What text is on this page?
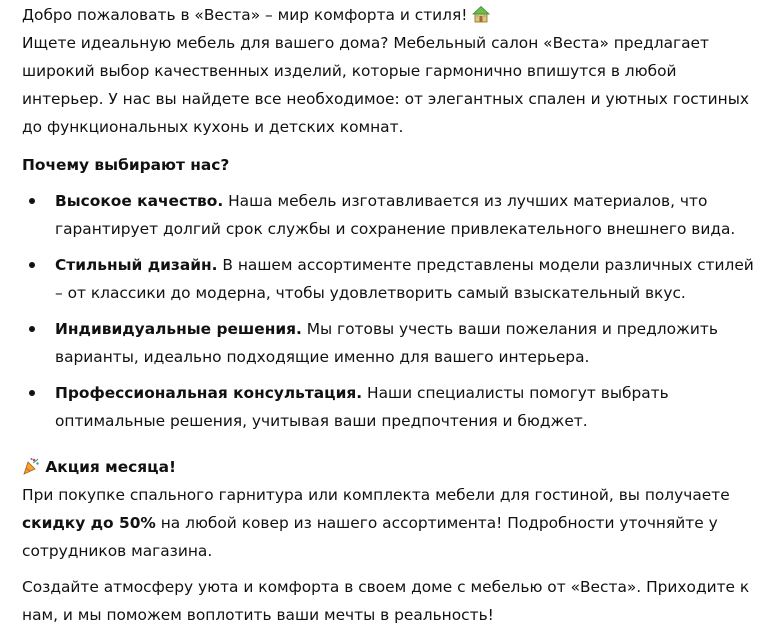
Добро пожаловать в «Веста» – мир комфорта и стиля!

Ищете идеальную мебель для вашего дома? Мебельный салон «Веста» предлагает широкий выбор качественных изделий, которые гармонично впишутся в любой интерьер. У нас вы найдете все необходимое: от элегантных спален и уютных гостиных до функциональных кухонь и детских комнат.

Почему выбирают нас?

Высокое качество. Наша мебель изготавливается из лучших материалов, что гарантирует долгий срок службы и сохранение привлекательного внешнего вида.
Стильный дизайн. В нашем ассортименте представлены модели различных стилей – от классики до модерна, чтобы удовлетворить самый взыскательный вкус.
Индивидуальные решения. Мы готовы учесть ваши пожелания и предложить варианты, идеально подходящие именно для вашего интерьера.
Профессиональная консультация. Наши специалисты помогут выбрать оптимальные решения, учитывая ваши предпочтения и бюджет.

Акция месяца!

При покупке спального гарнитура или комплекта мебели для гостиной, вы получаете скидку до 50% на любой ковер из нашего ассортимента! Подробности уточняйте у сотрудников магазина.

Создайте атмосферу уюта и комфорта в своем доме с мебелью от «Веста». Приходите к нам, и мы поможем воплотить ваши мечты в реальность!
